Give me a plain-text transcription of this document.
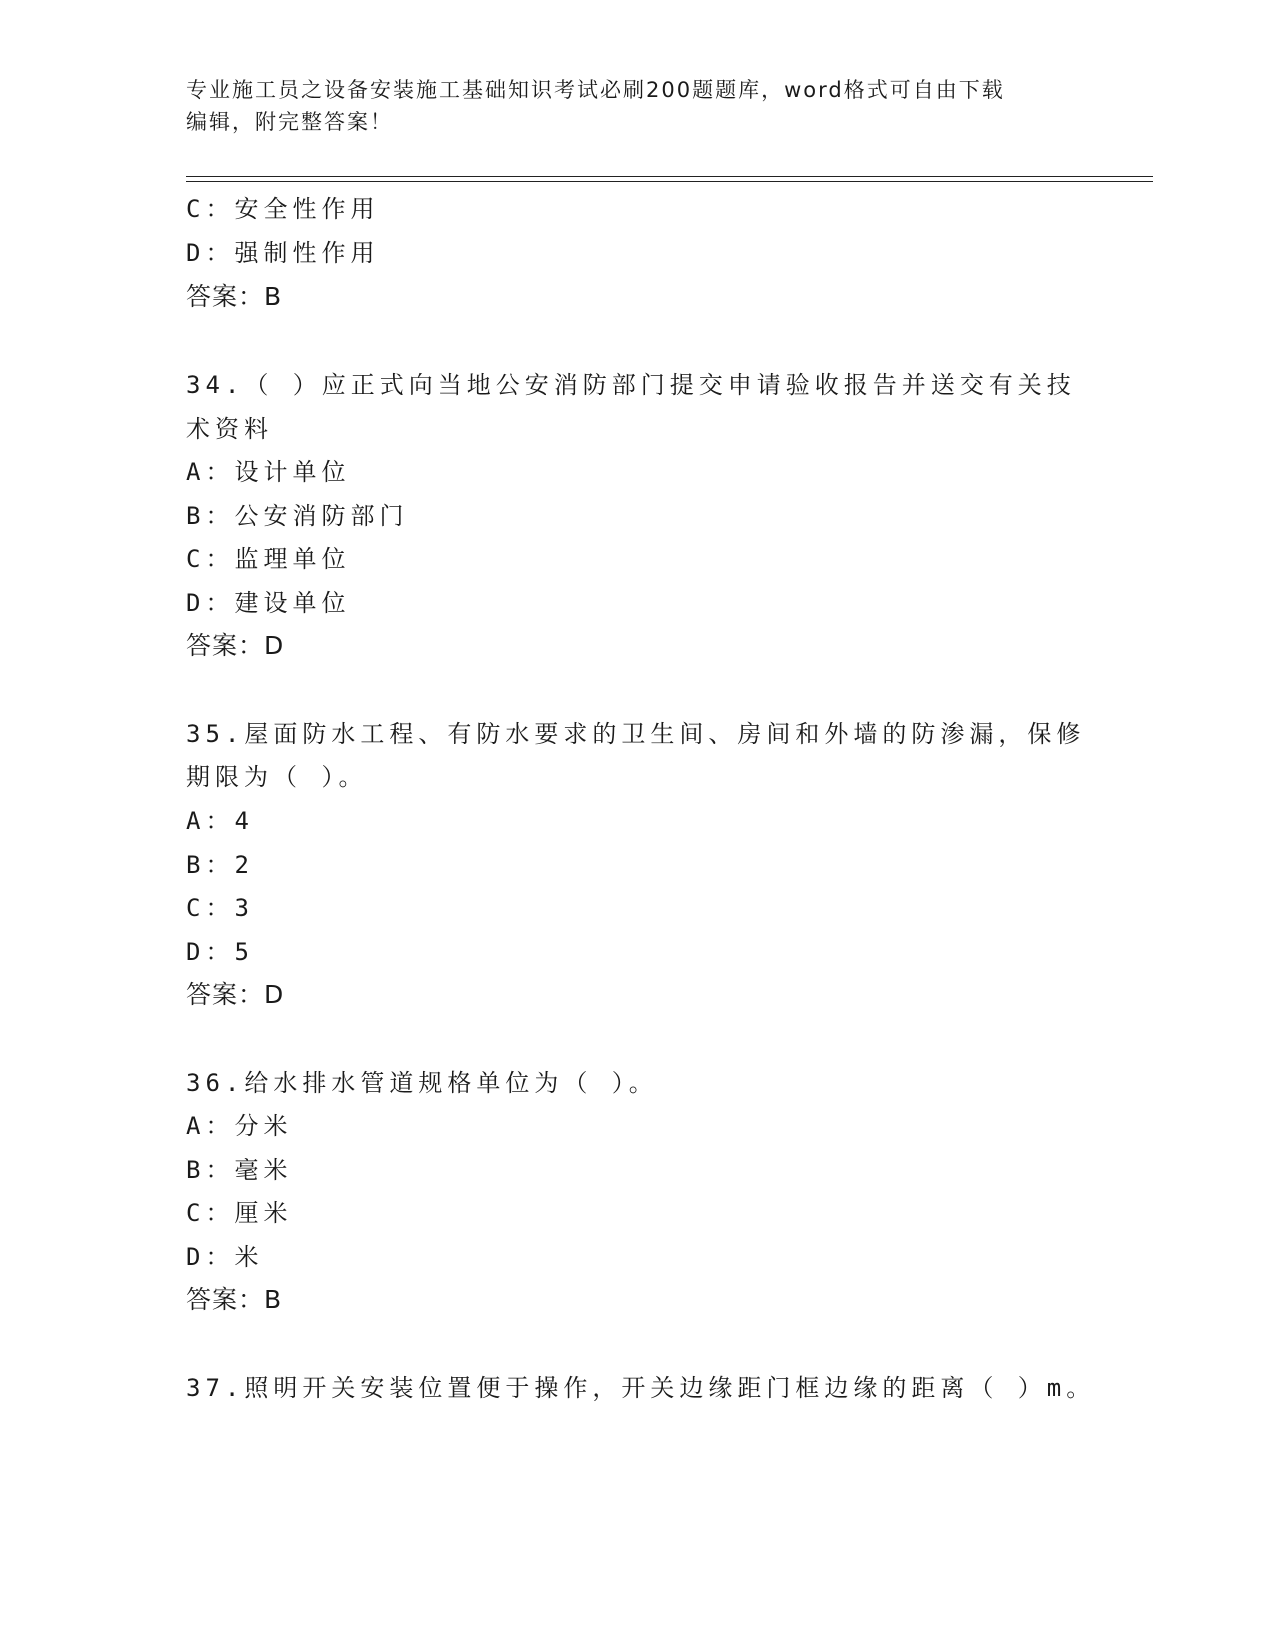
专业施工员之设备安装施工基础知识考试必刷200题题库，word格式可自由下载
编辑，附完整答案！
C：安全性作用
D：强制性作用
答案：B
34.（ ）应正式向当地公安消防部门提交申请验收报告并送交有关技
术资料
A：设计单位
B：公安消防部门
C：监理单位
D：建设单位
答案：D
35.屋面防水工程、有防水要求的卫生间、房间和外墙的防渗漏，保修
期限为（ ）。
A：4
B：2
C：3
D：5
答案：D
36.给水排水管道规格单位为（ ）。
A：分米
B：毫米
C：厘米
D：米
答案：B
37.照明开关安装位置便于操作，开关边缘距门框边缘的距离（ ）m。
